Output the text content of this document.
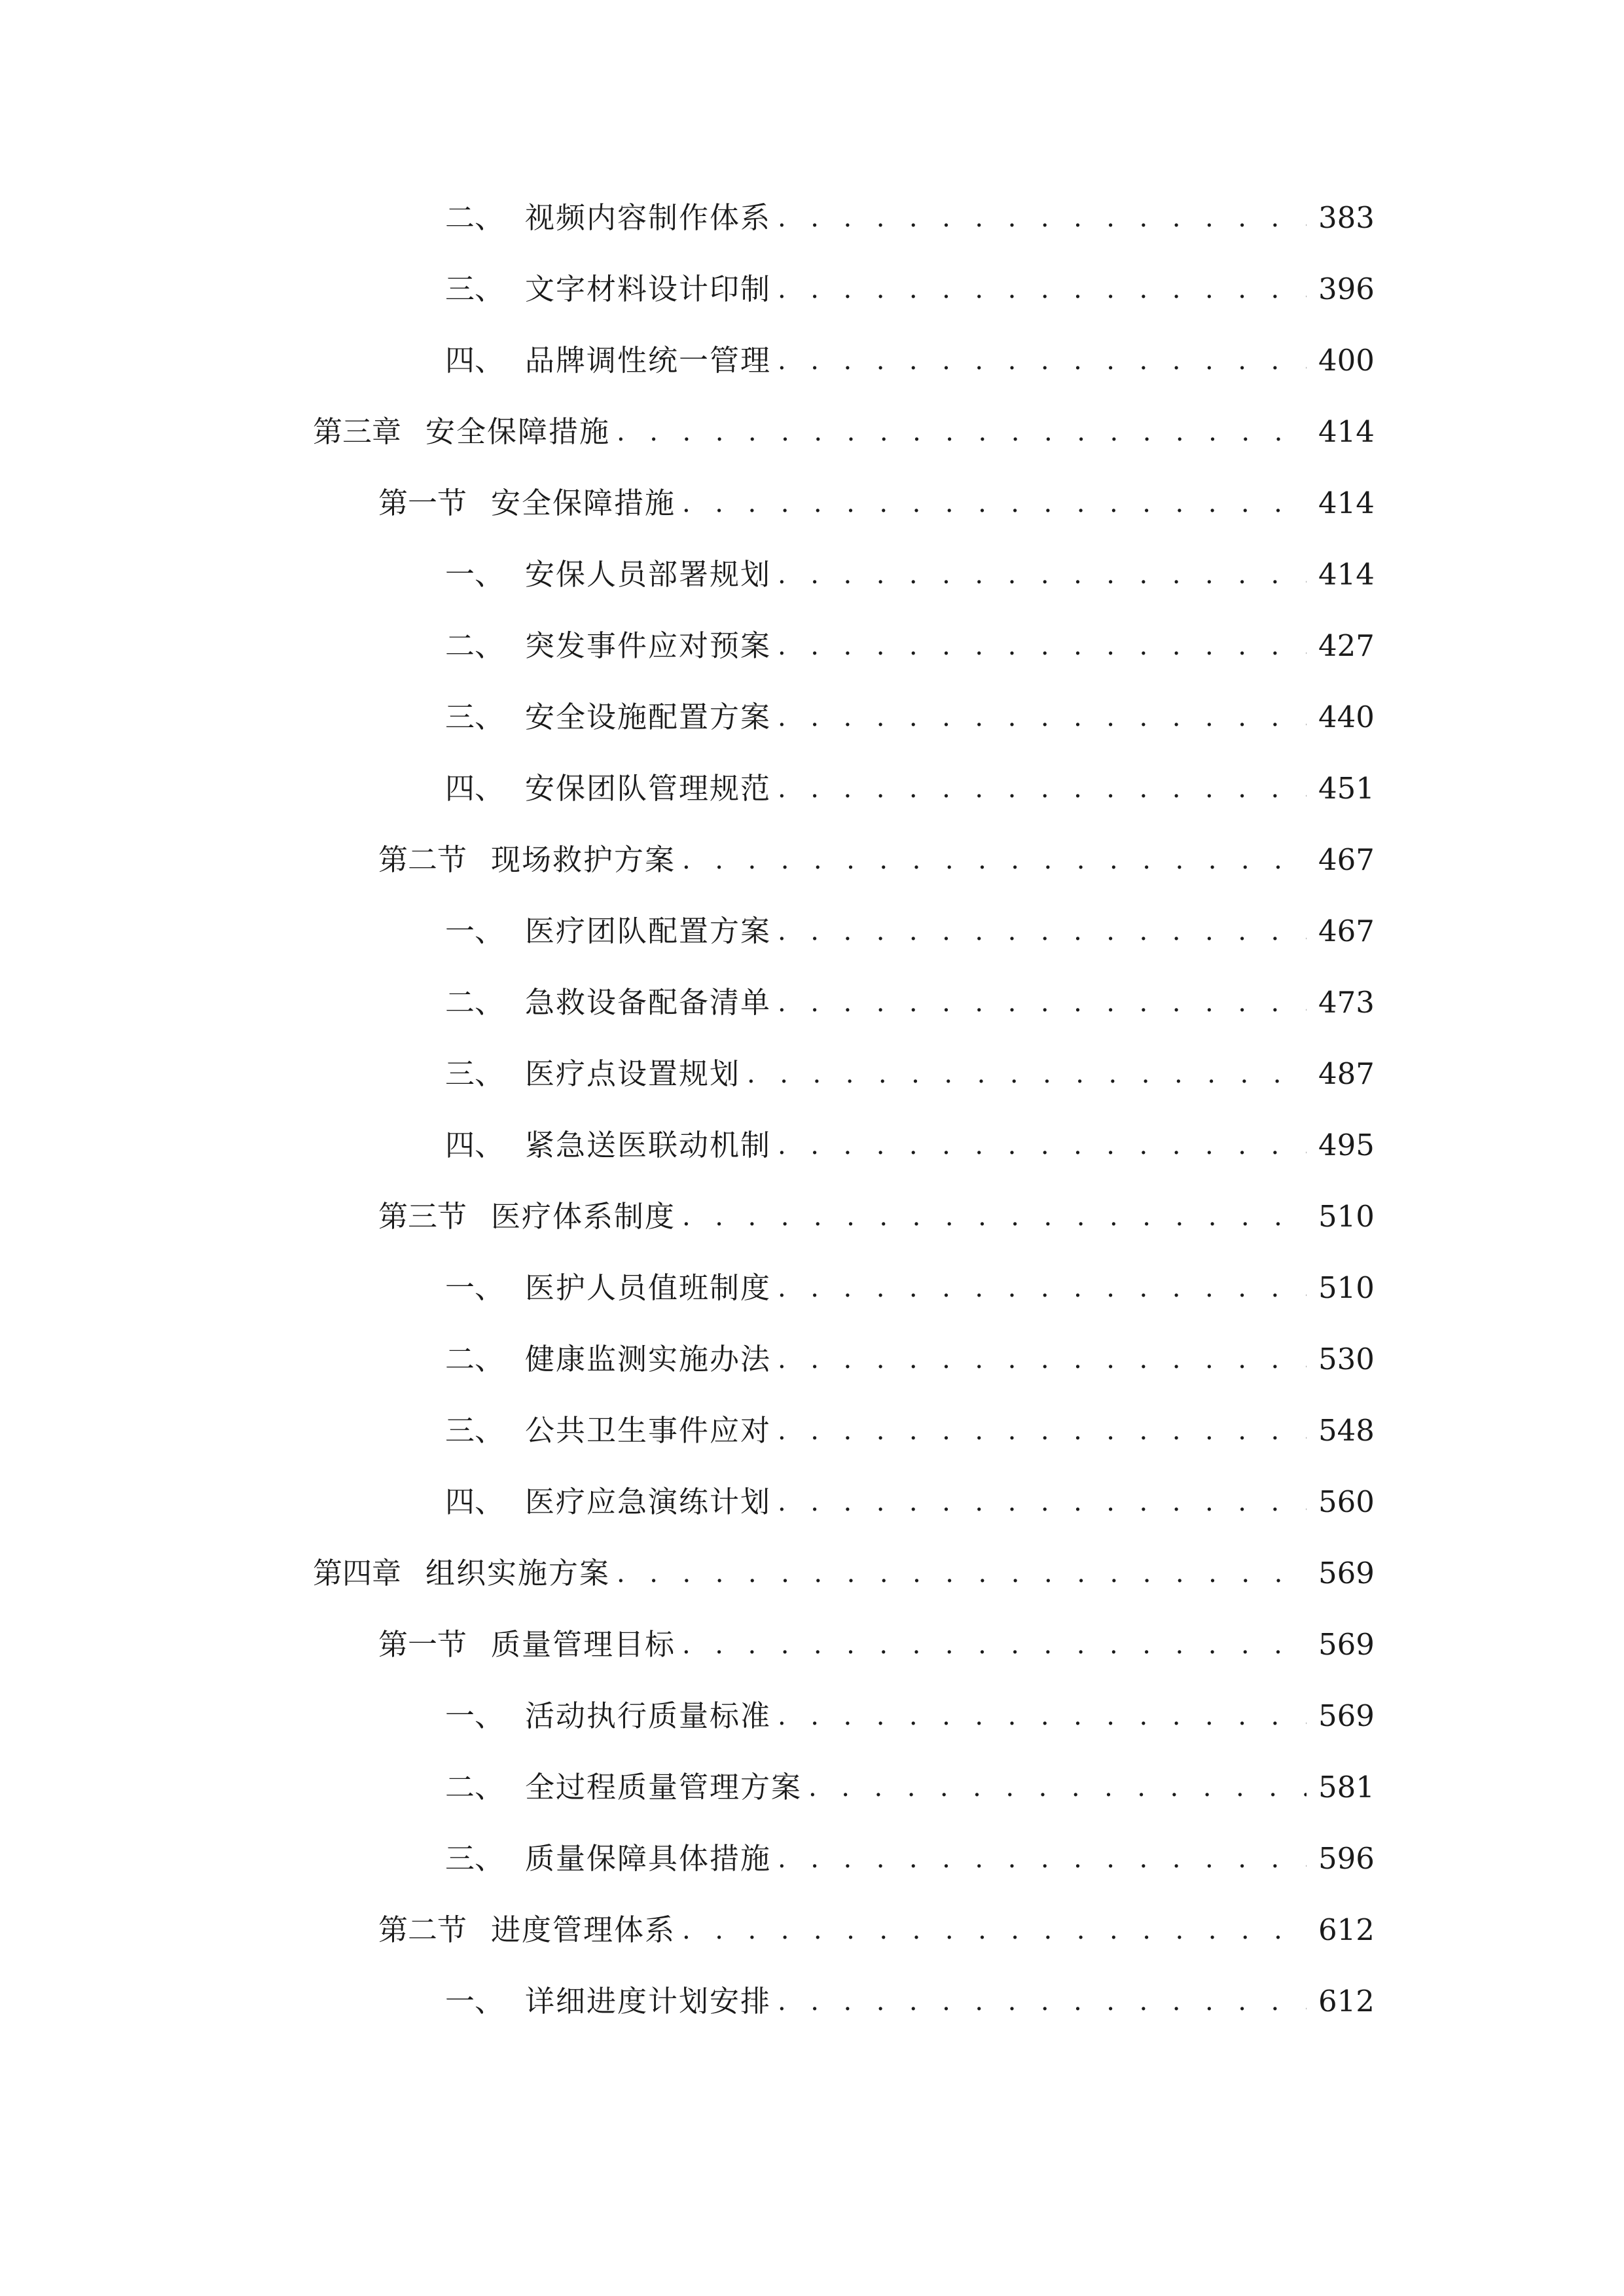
二、 视频内容制作体系 . . .	383
三、 文字材料设计印制 . . .	396
四、 品牌调性统一管理 . . .	400
第三章 安全保障措施 . . .	414
第一节 安全保障措施 . . .	414
一、 安保人员部署规划 . . .	414
二、 突发事件应对预案 . . .	427
三、 安全设施配置方案 . . .	440
四、 安保团队管理规范 . . .	451
第二节 现场救护方案 . . .	467
一、 医疗团队配置方案 . . .	467
二、 急救设备配备清单 . . .	473
三、 医疗点设置规划 . . .	487
四、 紧急送医联动机制 . . .	495
第三节 医疗体系制度 . . .	510
一、 医护人员值班制度 . . .	510
二、 健康监测实施办法 . . .	530
三、 公共卫生事件应对 . . .	548
四、 医疗应急演练计划 . . .	560
第四章 组织实施方案 . . .	569
第一节 质量管理目标 . . .	569
一、 活动执行质量标准 . . .	569
二、 全过程质量管理方案 . . .	581
三、 质量保障具体措施 . . .	596
第二节 进度管理体系 . . .	612
一、 详细进度计划安排 . . .	612
